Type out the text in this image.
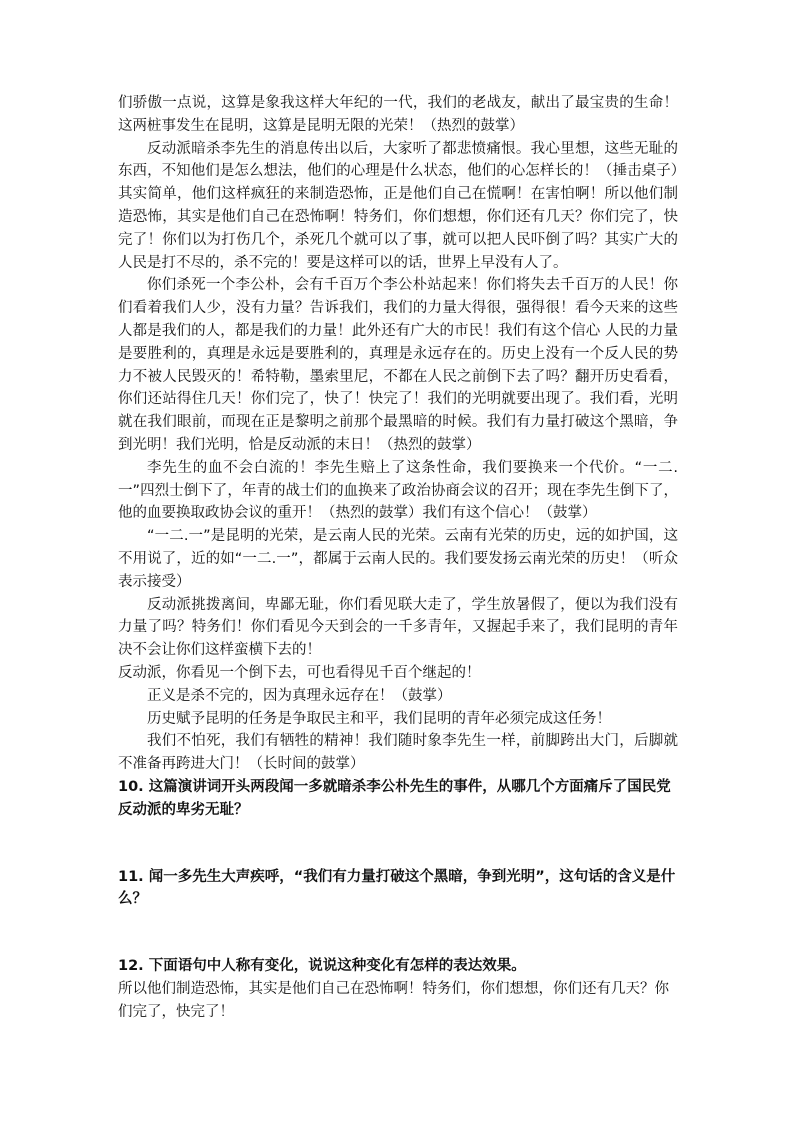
们骄傲一点说，这算是象我这样大年纪的一代，我们的老战友，献出了最宝贵的生命！这两桩事发生在昆明，这算是昆明无限的光荣！（热烈的鼓掌）

反动派暗杀李先生的消息传出以后，大家听了都悲愤痛恨。我心里想，这些无耻的东西，不知他们是怎么想法，他们的心理是什么状态，他们的心怎样长的！（捶击桌子）其实简单，他们这样疯狂的来制造恐怖，正是他们自己在慌啊！在害怕啊！所以他们制造恐怖，其实是他们自己在恐怖啊！特务们，你们想想，你们还有几天？你们完了，快完了！你们以为打伤几个，杀死几个就可以了事，就可以把人民吓倒了吗？其实广大的人民是打不尽的，杀不完的！要是这样可以的话，世界上早没有人了。

你们杀死一个李公朴，会有千百万个李公朴站起来！你们将失去千百万的人民！你们看着我们人少，没有力量？告诉我们，我们的力量大得很，强得很！看今天来的这些人都是我们的人，都是我们的力量！此外还有广大的市民！我们有这个信心 人民的力量是要胜利的，真理是永远是要胜利的，真理是永远存在的。历史上没有一个反人民的势力不被人民毁灭的！希特勒，墨索里尼，不都在人民之前倒下去了吗？翻开历史看看，你们还站得住几天！你们完了，快了！快完了！我们的光明就要出现了。我们看，光明就在我们眼前，而现在正是黎明之前那个最黑暗的时候。我们有力量打破这个黑暗，争到光明！我们光明，恰是反动派的末日！（热烈的鼓掌）

李先生的血不会白流的！李先生赔上了这条性命，我们要换来一个代价。“一二.一”四烈士倒下了，年青的战士们的血换来了政治协商会议的召开；现在李先生倒下了，他的血要换取政协会议的重开！（热烈的鼓掌）我们有这个信心！（鼓掌）

“一二.一”是昆明的光荣，是云南人民的光荣。云南有光荣的历史，远的如护国，这不用说了，近的如“一二.一”，都属于云南人民的。我们要发扬云南光荣的历史！（听众表示接受）

反动派挑拨离间，卑鄙无耻，你们看见联大走了，学生放暑假了，便以为我们没有力量了吗？特务们！你们看见今天到会的一千多青年，又握起手来了，我们昆明的青年决不会让你们这样蛮横下去的！

反动派，你看见一个倒下去，可也看得见千百个继起的！

正义是杀不完的，因为真理永远存在！（鼓掌）

历史赋予昆明的任务是争取民主和平，我们昆明的青年必须完成这任务！

我们不怕死，我们有牺牲的精神！我们随时象李先生一样，前脚跨出大门，后脚就不准备再跨进大门！（长时间的鼓掌）

10. 这篇演讲词开头两段闻一多就暗杀李公朴先生的事件，从哪几个方面痛斥了国民党反动派的卑劣无耻？

11. 闻一多先生大声疾呼，“我们有力量打破这个黑暗，争到光明”，这句话的含义是什么？

12. 下面语句中人称有变化，说说这种变化有怎样的表达效果。

所以他们制造恐怖，其实是他们自己在恐怖啊！特务们，你们想想，你们还有几天？你们完了，快完了！
